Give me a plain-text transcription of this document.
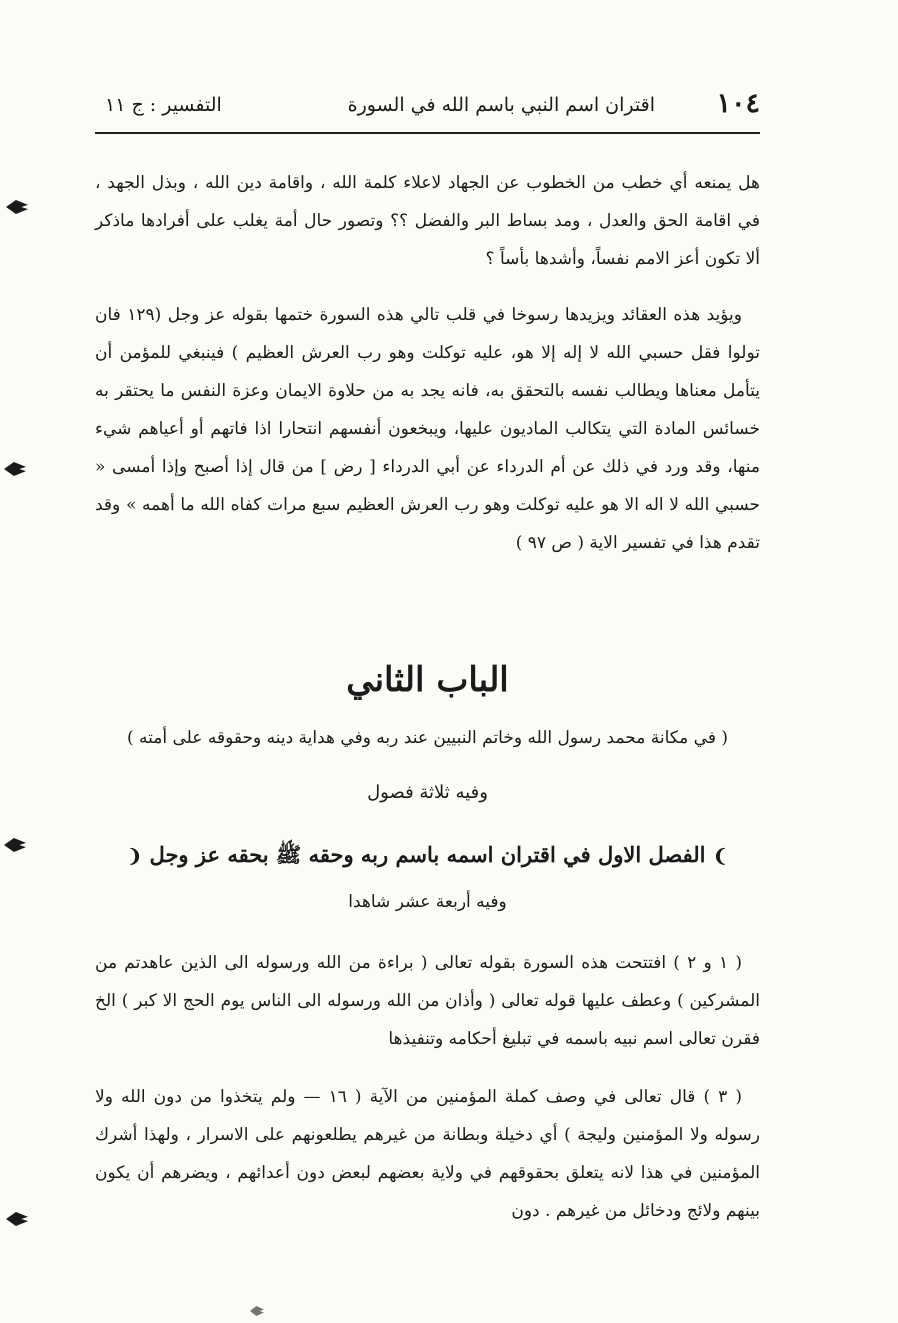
١٠٤
اقتران اسم النبي باسم الله في السورة
التفسير : ج ١١
هل يمنعه أي خطب من الخطوب عن الجهاد لاعلاء كلمة الله ، واقامة دين الله ، وبذل الجهد ، في اقامة الحق والعدل ، ومد بساط البر والفضل ؟؟ وتصور حال أمة يغلب على أفرادها ماذكر ألا تكون أعز الامم نفساً، وأشدها بأساً ؟
ويؤيد هذه العقائد ويزيدها رسوخا في قلب تالي هذه السورة ختمها بقوله عز وجل (١٢٩ فان تولوا فقل حسبي الله لا إله إلا هو، عليه توكلت وهو رب العرش العظيم ) فينبغي للمؤمن أن يتأمل معناها ويطالب نفسه بالتحقق به، فانه يجد به من حلاوة الايمان وعزة النفس ما يحتقر به خسائس المادة التي يتكالب الماديون عليها، ويبخعون أنفسهم انتحارا اذا فاتهم أو أعياهم شيء منها، وقد ورد في ذلك عن أم الدرداء عن أبي الدرداء [ رض ] من قال إذا أصبح وإذا أمسى « حسبي الله لا اله الا هو عليه توكلت وهو رب العرش العظيم سبع مرات كفاه الله ما أهمه » وقد تقدم هذا في تفسير الاية ( ص ٩٧ )
الباب الثاني
( في مكانة محمد رسول الله وخاتم النبيين عند ربه وفي هداية دينه وحقوقه على أمته )
وفيه ثلاثة فصول
❩ الفصل الاول في اقتران اسمه باسم ربه وحقه ﷺ بحقه عز وجل ❨
وفيه أربعة عشر شاهدا
( ١ و ٢ ) افتتحت هذه السورة بقوله تعالى ( براءة من الله ورسوله الى الذين عاهدتم من المشركين ) وعطف عليها قوله تعالى ( وأذان من الله ورسوله الى الناس يوم الحج الا كبر ) الخ فقرن تعالى اسم نبيه باسمه في تبليغ أحكامه وتنفيذها
( ٣ ) قال تعالى في وصف كملة المؤمنين من الآية ( ١٦ — ولم يتخذوا من دون الله ولا رسوله ولا المؤمنين وليجة ) أي دخيلة وبطانة من غيرهم يطلعونهم على الاسرار ، ولهذا أشرك المؤمنين في هذا لانه يتعلق بحقوقهم في ولاية بعضهم لبعض دون أعدائهم ، ويضرهم أن يكون بينهم ولائج ودخائل من غيرهم . دون
